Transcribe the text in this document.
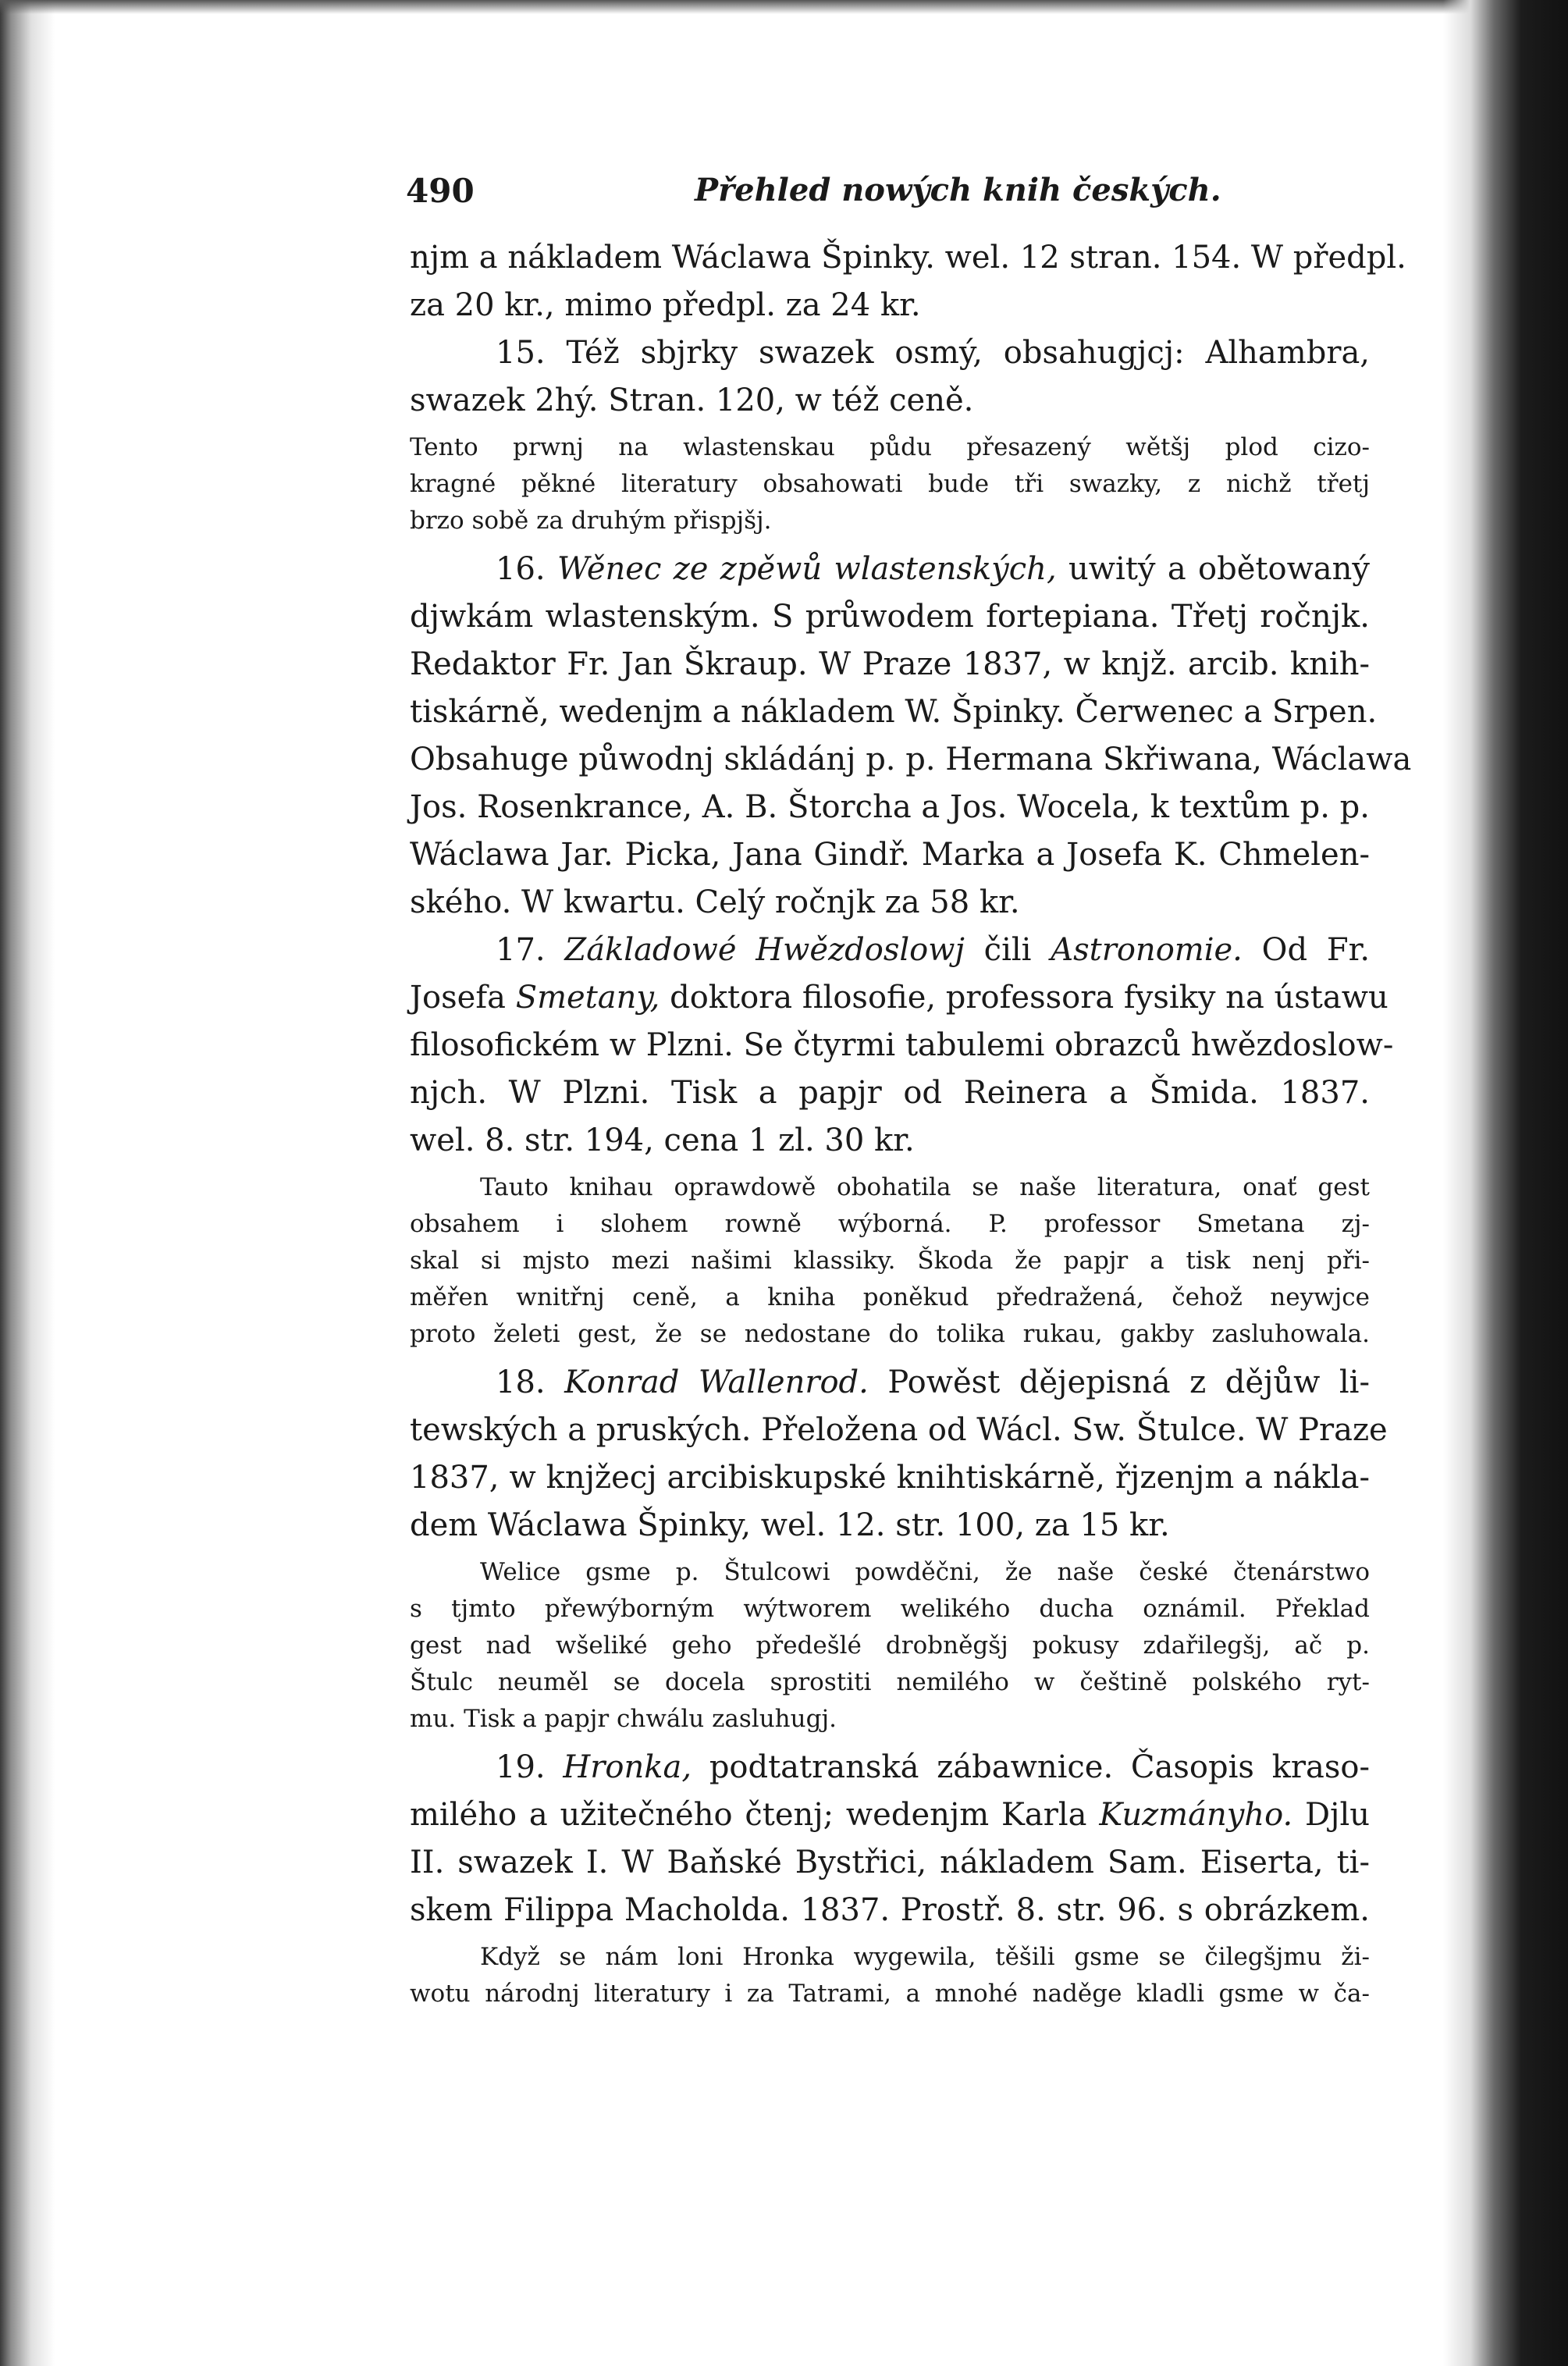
490	Přehled nowých knih českých.
njm a nákladem Wáclawa Špinky. wel. 12 stran. 154. W předpl.
za 20 kr., mimo předpl. za 24 kr.
15. Též sbjrky swazek osmý, obsahugjcj: Alhambra,
swazek 2hý. Stran. 120, w též ceně.
Tento prwnj na wlastenskau půdu přesazený wětšj plod cizo-
kragné pěkné literatury obsahowati bude tři swazky, z nichž třetj
brzo sobě za druhým přispjšj.
16. Wěnec ze zpěwů wlastenských, uwitý a obětowaný
djwkám wlastenským. S průwodem fortepiana. Třetj ročnjk.
Redaktor Fr. Jan Škraup. W Praze 1837, w knjž. arcib. knih-
tiskárně, wedenjm a nákladem W. Špinky. Čerwenec a Srpen.
Obsahuge půwodnj skládánj p. p. Hermana Skřiwana, Wáclawa
Jos. Rosenkrance, A. B. Štorcha a Jos. Wocela, k textům p. p.
Wáclawa Jar. Picka, Jana Gindř. Marka a Josefa K. Chmelen-
ského. W kwartu. Celý ročnjk za 58 kr.
17. Základowé Hwězdoslowj čili Astronomie. Od Fr.
Josefa Smetany, doktora filosofie, professora fysiky na ústawu
filosofickém w Plzni. Se čtyrmi tabulemi obrazců hwězdoslow-
njch. W Plzni. Tisk a papjr od Reinera a Šmida. 1837.
wel. 8. str. 194, cena 1 zl. 30 kr.
Tauto knihau oprawdowě obohatila se naše literatura, onať gest
obsahem i slohem rowně wýborná. P. professor Smetana zj-
skal si mjsto mezi našimi klassiky. Škoda že papjr a tisk nenj při-
měřen wnitřnj ceně, a kniha poněkud předražená, čehož neywjce
proto želeti gest, že se nedostane do tolika rukau, gakby zasluhowala.
18. Konrad Wallenrod. Powěst dějepisná z dějůw li-
tewských a pruských. Přeložena od Wácl. Sw. Štulce. W Praze
1837, w knjžecj arcibiskupské knihtiskárně, řjzenjm a nákla-
dem Wáclawa Špinky, wel. 12. str. 100, za 15 kr.
Welice gsme p. Štulcowi powděčni, že naše české čtenárstwo
s tjmto přewýborným wýtworem welikého ducha oznámil. Překlad
gest nad wšeliké geho předešlé drobněgšj pokusy zdařilegšj, ač p.
Štulc neuměl se docela sprostiti nemilého w češtině polského ryt-
mu. Tisk a papjr chwálu zasluhugj.
19. Hronka, podtatranská zábawnice. Časopis kraso-
milého a užitečného čtenj; wedenjm Karla Kuzmányho. Djlu
II. swazek I. W Baňské Bystřici, nákladem Sam. Eiserta, ti-
skem Filippa Macholda. 1837. Prostř. 8. str. 96. s obrázkem.
Když se nám loni Hronka wygewila, těšili gsme se čilegšjmu ži-
wotu národnj literatury i za Tatrami, a mnohé naděge kladli gsme w ča-
